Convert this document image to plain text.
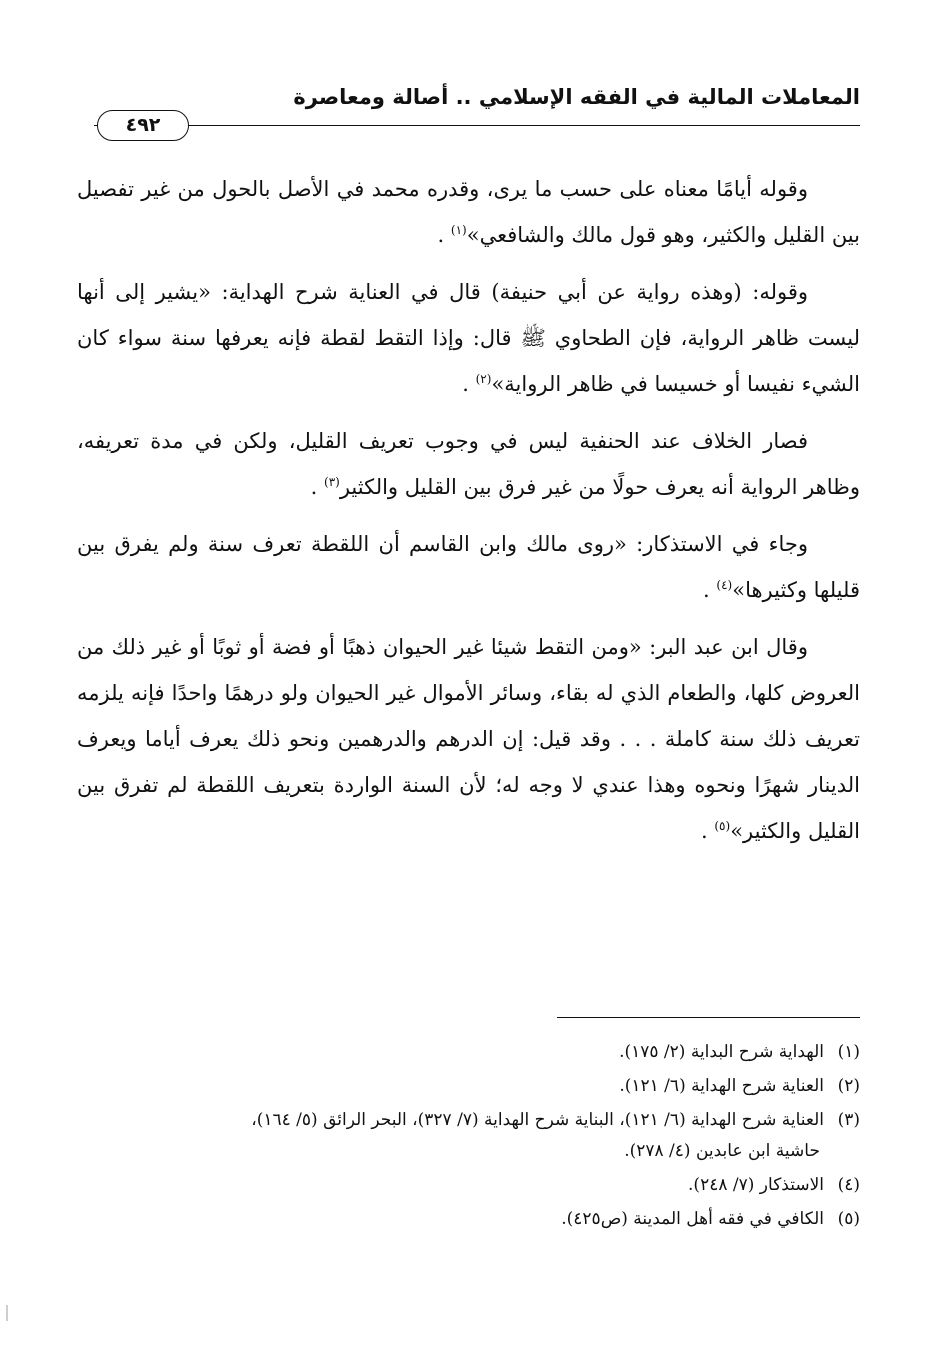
المعاملات المالية في الفقه الإسلامي .. أصالة ومعاصرة
٤٩٢

وقوله أيامًا معناه على حسب ما يرى، وقدره محمد في الأصل بالحول من غير تفصيل بين القليل والكثير، وهو قول مالك والشافعي»$^{(١)}$ .

وقوله: (وهذه رواية عن أبي حنيفة) قال في العناية شرح الهداية: «يشير إلى أنها ليست ظاهر الرواية، فإن الطحاوي ﷺ قال: وإذا التقط لقطة فإنه يعرفها سنة سواء كان الشيء نفيسا أو خسيسا في ظاهر الرواية»$^{(٢)}$ .

فصار الخلاف عند الحنفية ليس في وجوب تعريف القليل، ولكن في مدة تعريفه، وظاهر الرواية أنه يعرف حولًا من غير فرق بين القليل والكثير$^{(٣)}$ .

وجاء في الاستذكار: «روى مالك وابن القاسم أن اللقطة تعرف سنة ولم يفرق بين قليلها وكثيرها»$^{(٤)}$ .

وقال ابن عبد البر: «ومن التقط شيئا غير الحيوان ذهبًا أو فضة أو ثوبًا أو غير ذلك من العروض كلها، والطعام الذي له بقاء، وسائر الأموال غير الحيوان ولو درهمًا واحدًا فإنه يلزمه تعريف ذلك سنة كاملة . . . وقد قيل: إن الدرهم والدرهمين ونحو ذلك يعرف أياما ويعرف الدينار شهرًا ونحوه وهذا عندي لا وجه له؛ لأن السنة الواردة بتعريف اللقطة لم تفرق بين القليل والكثير»$^{(٥)}$ .

(١)الهداية شرح البداية (٢/ ١٧٥).
(٢)العناية شرح الهداية (٦/ ١٢١).
(٣)العناية شرح الهداية (٦/ ١٢١)، البناية شرح الهداية (٧/ ٣٢٧)، البحر الرائق (٥/ ١٦٤)،
حاشية ابن عابدين (٤/ ٢٧٨).
(٤)الاستذكار (٧/ ٢٤٨).
(٥)الكافي في فقه أهل المدينة (ص٤٢٥).
